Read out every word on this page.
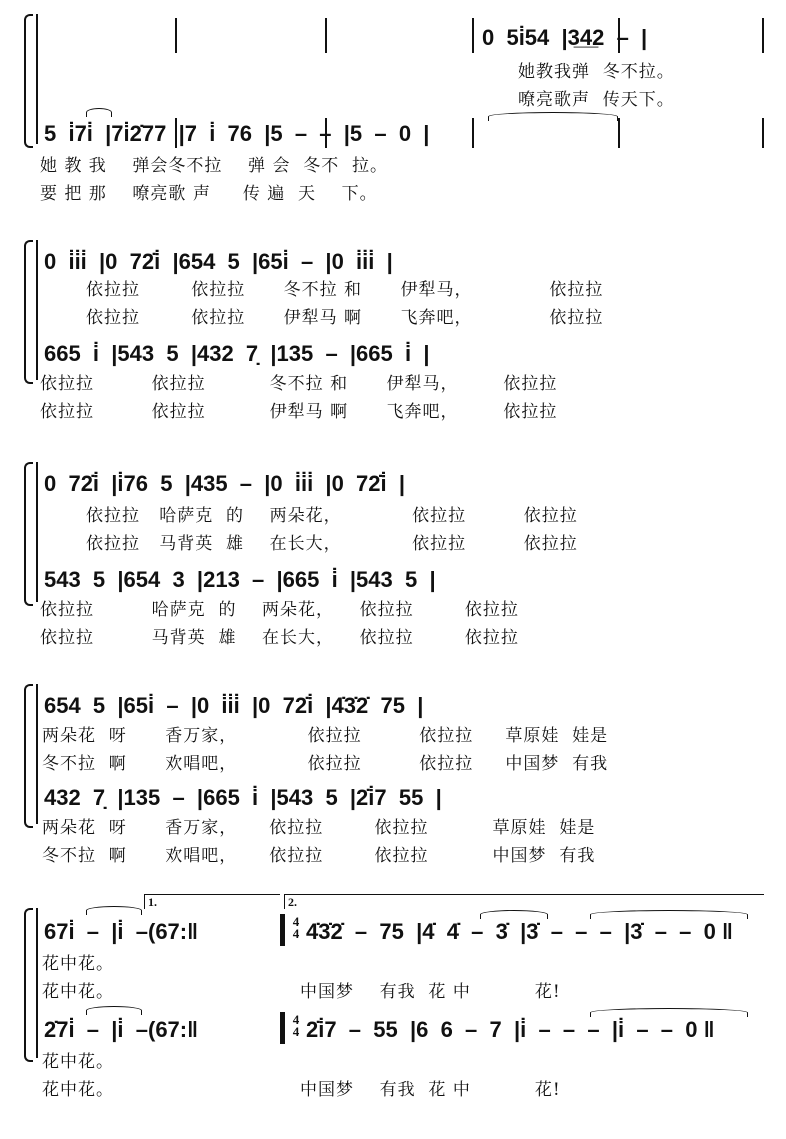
0  5i̇54  |3̲4̲2  –  |
她教我弹  冬不拉。
嘹亮歌声  传天下。
5  i̇7i̇  |7i̇2̇77  |7  i̇  76  |5  –  –  |5  –  0  |
她 教 我    弹会冬不拉    弹 会  冬不  拉。
要 把 那    嘹亮歌 声     传 遍  天    下。
0  i̇i̇i̇  |0  72̇i̇  |654  5  |65i̇  –  |0  i̇i̇i̇  |
依拉拉        依拉拉      冬不拉 和      伊犁马，            依拉拉
依拉拉        依拉拉      伊犁马 啊      飞奔吧，            依拉拉
665  i̇  |543  5  |432  7̣  |135  –  |665  i̇  |
依拉拉         依拉拉          冬不拉 和      伊犁马，       依拉拉
依拉拉         依拉拉          伊犁马 啊      飞奔吧，       依拉拉
0  72̇i̇  |i̇76  5  |435  –  |0  i̇i̇i̇  |0  72̇i̇  |
依拉拉   哈萨克  的    两朵花，           依拉拉         依拉拉
依拉拉   马背英  雄    在长大，           依拉拉         依拉拉
543  5  |654  3  |213  –  |665  i̇  |543  5  |
依拉拉         哈萨克  的    两朵花，    依拉拉        依拉拉
依拉拉         马背英  雄    在长大，    依拉拉        依拉拉
654  5  |65i̇  –  |0  i̇i̇i̇  |0  72̇i̇  |4̇3̇2̇  75  |
两朵花  呀      香万家，           依拉拉         依拉拉     草原娃  娃是
冬不拉  啊      欢唱吧，           依拉拉         依拉拉     中国梦  有我
432  7̣  |135  –  |665  i̇  |543  5  |2̇i̇7  55  |
两朵花  呀      香万家，     依拉拉        依拉拉          草原娃  娃是
冬不拉  啊      欢唱吧，     依拉拉        依拉拉          中国梦  有我
1.	2.
67i̇  –  |i̇  –(67:‖	4
4 4̇3̇2̇  –  75  |4̇  4̇  –  3̇  |3̇  –  –  –  |3̇  –  –  0 ‖
花中花。
花中花。	中国梦    有我  花 中          花!
2̇7i̇  –  |i̇  –(67:‖	4
4 2̇i̇7  –  55  |6  6  –  7  |i̇  –  –  –  |i̇  –  –  0 ‖
花中花。
花中花。	中国梦    有我  花 中          花!
